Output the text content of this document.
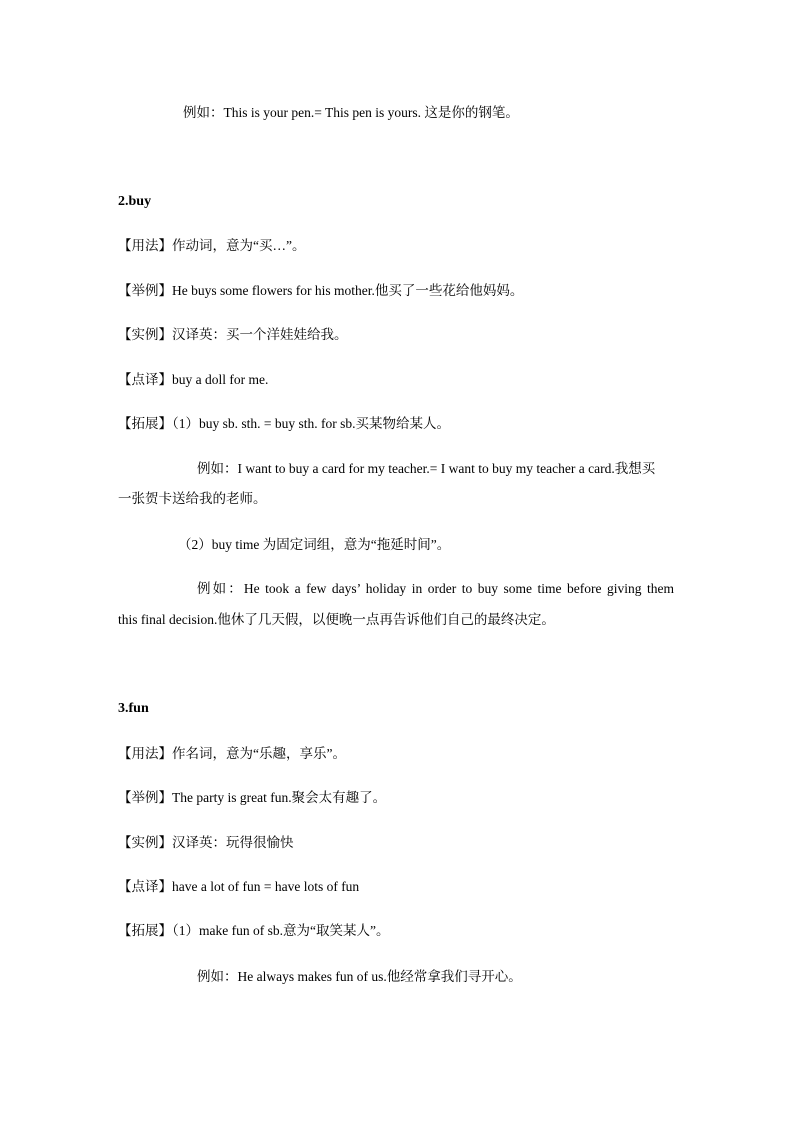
例如：This is your pen.= This pen is yours. 这是你的钢笔。
2.buy
【用法】作动词，意为“买…”。
【举例】He buys some flowers for his mother.他买了一些花给他妈妈。
【实例】汉译英：买一个洋娃娃给我。
【点译】buy a doll for me.
【拓展】（1）buy sb. sth. = buy sth. for sb.买某物给某人。
例如：I want to buy a card for my teacher.= I want to buy my teacher a card.我想买
一张贺卡送给我的老师。
（2）buy time 为固定词组，意为“拖延时间”。
例如：He took a few days’ holiday in order to buy some time before giving them
this final decision.他休了几天假，以便晚一点再告诉他们自己的最终决定。
3.fun
【用法】作名词，意为“乐趣，享乐”。
【举例】The party is great fun.聚会太有趣了。
【实例】汉译英：玩得很愉快
【点译】have a lot of fun = have lots of fun
【拓展】（1）make fun of sb.意为“取笑某人”。
例如：He always makes fun of us.他经常拿我们寻开心。
